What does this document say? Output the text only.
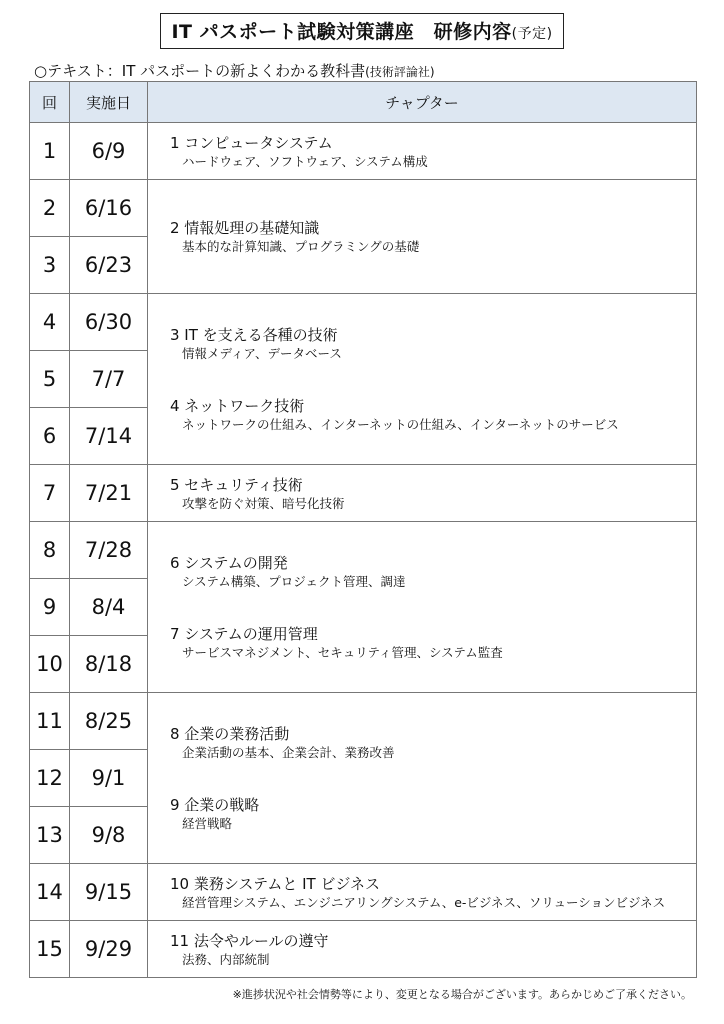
IT パスポート試験対策講座　研修内容(予定)
○テキスト：IT パスポートの新よくわかる教科書(技術評論社)
回	実施日	チャプター
1	6/9	1 コンピュータシステム
ハードウェア、ソフトウェア、システム構成

2	6/16	2 情報処理の基礎知識
基本的な計算知識、プログラミングの基礎

3	6/23	
4	6/30	3 IT を支える各種の技術
情報メディア、データベース
4 ネットワーク技術
ネットワークの仕組み、インターネットの仕組み、インターネットのサービス

5	7/7	
6	7/14	
7	7/21	5 セキュリティ技術
攻撃を防ぐ対策、暗号化技術

8	7/28	6 システムの開発
システム構築、プロジェクト管理、調達
7 システムの運用管理
サービスマネジメント、セキュリティ管理、システム監査

9	8/4	
10	8/18	
11	8/25	8 企業の業務活動
企業活動の基本、企業会計、業務改善
9 企業の戦略
経営戦略

12	9/1	
13	9/8	
14	9/15	10 業務システムと IT ビジネス
経営管理システム、エンジニアリングシステム、e-ビジネス、ソリューションビジネス

15	9/29	11 法令やルールの遵守
法務、内部統制
※進捗状況や社会情勢等により、変更となる場合がございます。あらかじめご了承ください。
